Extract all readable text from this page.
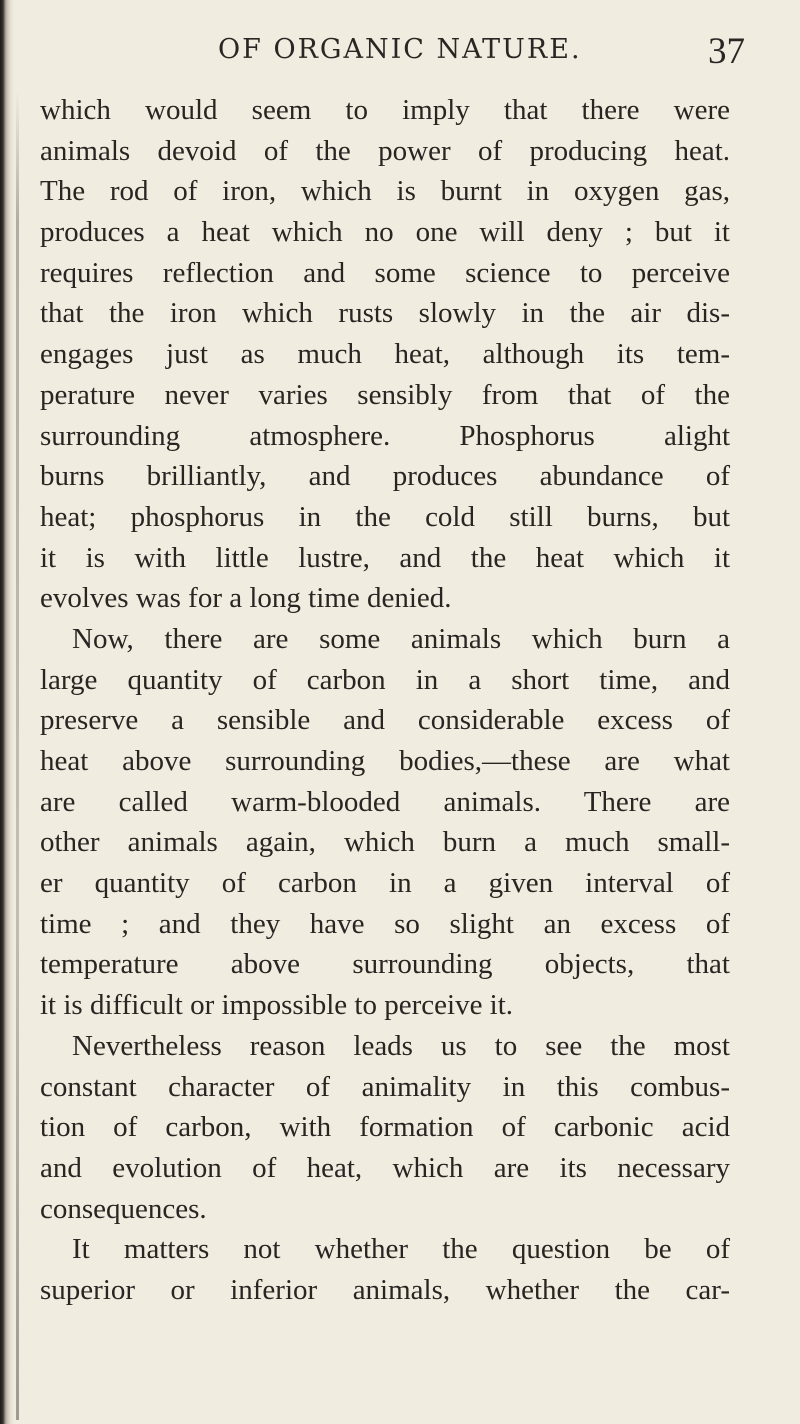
OF ORGANIC NATURE.	37
which would seem to imply that there were
animals devoid of the power of producing heat.
The rod of iron, which is burnt in oxygen gas,
produces a heat which no one will deny ; but it
requires reflection and some science to perceive
that the iron which rusts slowly in the air dis-
engages just as much heat, although its tem-
perature never varies sensibly from that of the
surrounding atmosphere. Phosphorus alight
burns brilliantly, and produces abundance of
heat; phosphorus in the cold still burns, but
it is with little lustre, and the heat which it
evolves was for a long time denied.
Now, there are some animals which burn a
large quantity of carbon in a short time, and
preserve a sensible and considerable excess of
heat above surrounding bodies,—these are what
are called warm-blooded animals. There are
other animals again, which burn a much small-
er quantity of carbon in a given interval of
time ; and they have so slight an excess of
temperature above surrounding objects, that
it is difficult or impossible to perceive it.
Nevertheless reason leads us to see the most
constant character of animality in this combus-
tion of carbon, with formation of carbonic acid
and evolution of heat, which are its necessary
consequences.
It matters not whether the question be of
superior or inferior animals, whether the car-
